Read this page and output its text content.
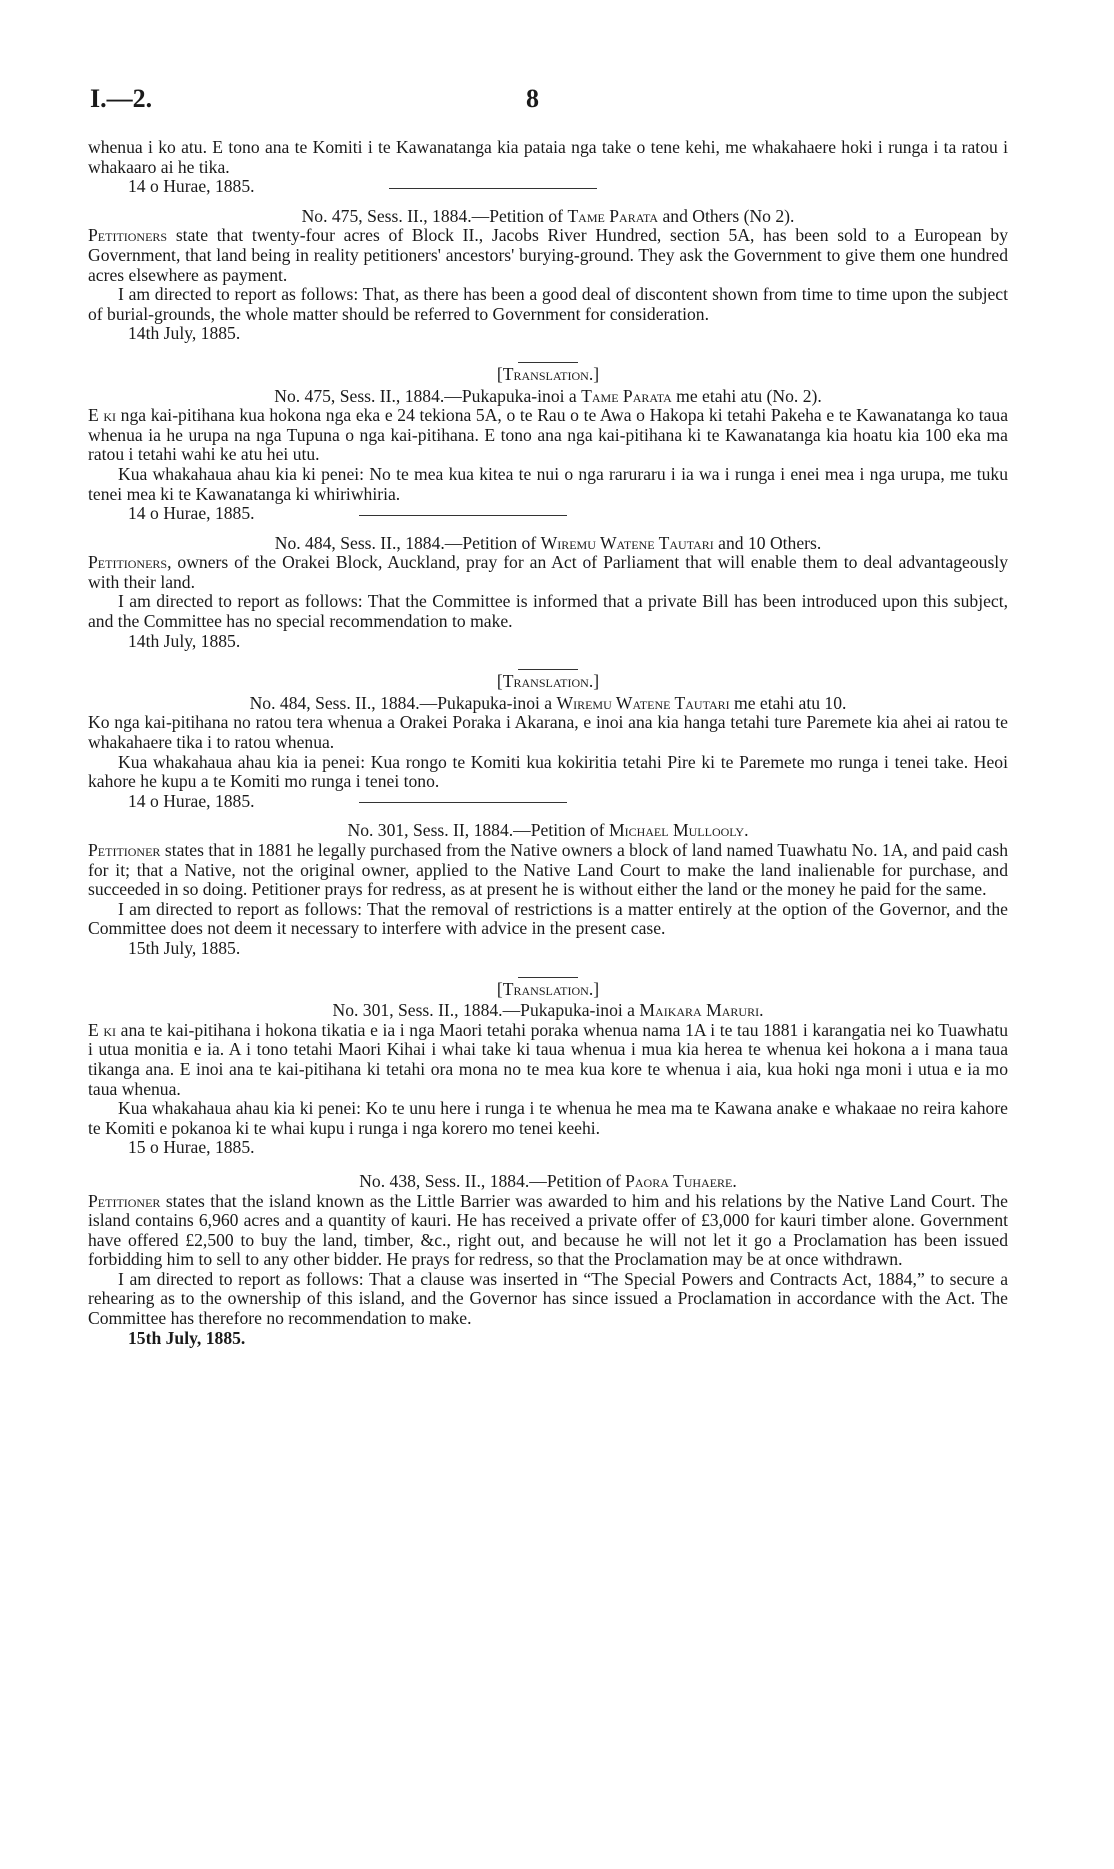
I.—2.	8

whenua i ko atu. E tono ana te Komiti i te Kawanatanga kia pataia nga take o tene kehi, me whakahaere hoki i runga i ta ratou i whakaaro ai he tika.

14 o Hurae, 1885.

No. 475, Sess. II., 1884.—Petition of Tame Parata and Others (No 2).

Petitioners state that twenty-four acres of Block II., Jacobs River Hundred, section 5A, has been sold to a European by Government, that land being in reality petitioners' ancestors' burying-ground. They ask the Government to give them one hundred acres elsewhere as payment.

I am directed to report as follows: That, as there has been a good deal of discontent shown from time to time upon the subject of burial-grounds, the whole matter should be referred to Government for consideration.

14th July, 1885.

[Translation.]

No. 475, Sess. II., 1884.—Pukapuka-inoi a Tame Parata me etahi atu (No. 2).

E ki nga kai-pitihana kua hokona nga eka e 24 tekiona 5A, o te Rau o te Awa o Hakopa ki tetahi Pakeha e te Kawanatanga ko taua whenua ia he urupa na nga Tupuna o nga kai-pitihana. E tono ana nga kai-pitihana ki te Kawanatanga kia hoatu kia 100 eka ma ratou i tetahi wahi ke atu hei utu.

Kua whakahaua ahau kia ki penei: No te mea kua kitea te nui o nga raruraru i ia wa i runga i enei mea i nga urupa, me tuku tenei mea ki te Kawanatanga ki whiriwhiria.

14 o Hurae, 1885.

No. 484, Sess. II., 1884.—Petition of Wiremu Watene Tautari and 10 Others.

Petitioners, owners of the Orakei Block, Auckland, pray for an Act of Parliament that will enable them to deal advantageously with their land.

I am directed to report as follows: That the Committee is informed that a private Bill has been introduced upon this subject, and the Committee has no special recommendation to make.

14th July, 1885.

[Translation.]

No. 484, Sess. II., 1884.—Pukapuka-inoi a Wiremu Watene Tautari me etahi atu 10.

Ko nga kai-pitihana no ratou tera whenua a Orakei Poraka i Akarana, e inoi ana kia hanga tetahi ture Paremete kia ahei ai ratou te whakahaere tika i to ratou whenua.

Kua whakahaua ahau kia ia penei: Kua rongo te Komiti kua kokiritia tetahi Pire ki te Paremete mo runga i tenei take. Heoi kahore he kupu a te Komiti mo runga i tenei tono.

14 o Hurae, 1885.

No. 301, Sess. II, 1884.—Petition of Michael Mullooly.

Petitioner states that in 1881 he legally purchased from the Native owners a block of land named Tuawhatu No. 1A, and paid cash for it; that a Native, not the original owner, applied to the Native Land Court to make the land inalienable for purchase, and succeeded in so doing. Petitioner prays for redress, as at present he is without either the land or the money he paid for the same.

I am directed to report as follows: That the removal of restrictions is a matter entirely at the option of the Governor, and the Committee does not deem it necessary to interfere with advice in the present case.

15th July, 1885.

[Translation.]

No. 301, Sess. II., 1884.—Pukapuka-inoi a Maikara Maruri.

E ki ana te kai-pitihana i hokona tikatia e ia i nga Maori tetahi poraka whenua nama 1A i te tau 1881 i karangatia nei ko Tuawhatu i utua monitia e ia. A i tono tetahi Maori Kihai i whai take ki taua whenua i mua kia herea te whenua kei hokona a i mana taua tikanga ana. E inoi ana te kai-pitihana ki tetahi ora mona no te mea kua kore te whenua i aia, kua hoki nga moni i utua e ia mo taua whenua.

Kua whakahaua ahau kia ki penei: Ko te unu here i runga i te whenua he mea ma te Kawana anake e whakaae no reira kahore te Komiti e pokanoa ki te whai kupu i runga i nga korero mo tenei keehi.

15 o Hurae, 1885.

No. 438, Sess. II., 1884.—Petition of Paora Tuhaere.

Petitioner states that the island known as the Little Barrier was awarded to him and his relations by the Native Land Court. The island contains 6,960 acres and a quantity of kauri. He has received a private offer of £3,000 for kauri timber alone. Government have offered £2,500 to buy the land, timber, &c., right out, and because he will not let it go a Proclamation has been issued forbidding him to sell to any other bidder. He prays for redress, so that the Proclamation may be at once withdrawn.

I am directed to report as follows: That a clause was inserted in “The Special Powers and Contracts Act, 1884,” to secure a rehearing as to the ownership of this island, and the Governor has since issued a Proclamation in accordance with the Act. The Committee has therefore no recommendation to make.

15th July, 1885.
